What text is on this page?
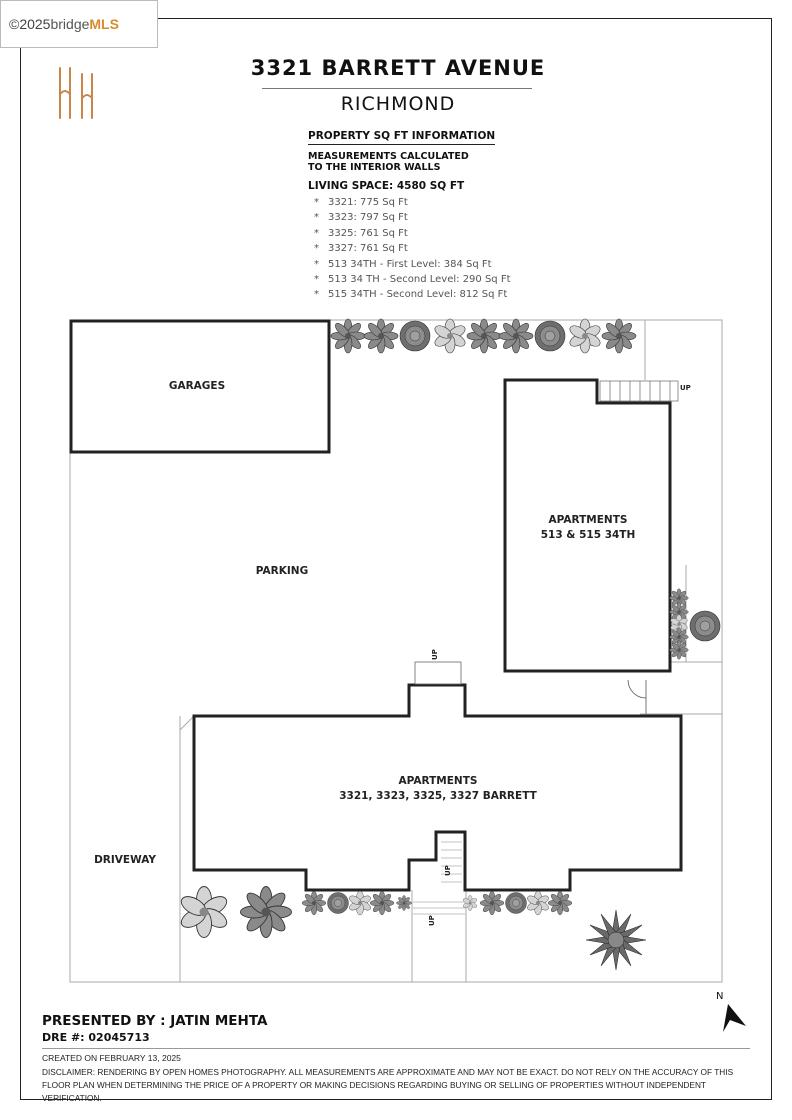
©2025 bridge MLS
3321 BARRETT AVENUE
RICHMOND
PROPERTY SQ FT INFORMATION
MEASUREMENTS CALCULATED
TO THE INTERIOR WALLS
LIVING SPACE: 4580 SQ FT
* 3321: 775 Sq Ft
* 3323: 797 Sq Ft
* 3325: 761 Sq Ft
* 3327: 761 Sq Ft
* 513 34TH - First Level: 384 Sq Ft
* 513 34 TH - Second Level: 290 Sq Ft
* 515 34TH - Second Level: 812 Sq Ft
GARAGES
PARKING
DRIVEWAY
APARTMENTS
513 & 515 34TH
UP
APARTMENTS
3321, 3323, 3325, 3327 BARRETT
UP
UP
UP
N
PRESENTED BY : JATIN MEHTA
DRE #: 02045713
CREATED ON FEBRUARY 13, 2025
DISCLAIMER: RENDERING BY OPEN HOMES PHOTOGRAPHY. ALL MEASUREMENTS ARE APPROXIMATE AND MAY NOT BE EXACT. DO NOT RELY ON THE ACCURACY OF THIS FLOOR PLAN WHEN DETERMINING THE PRICE OF A PROPERTY OR MAKING DECISIONS REGARDING BUYING OR SELLING OF PROPERTIES WITHOUT INDEPENDENT VERIFICATION.
